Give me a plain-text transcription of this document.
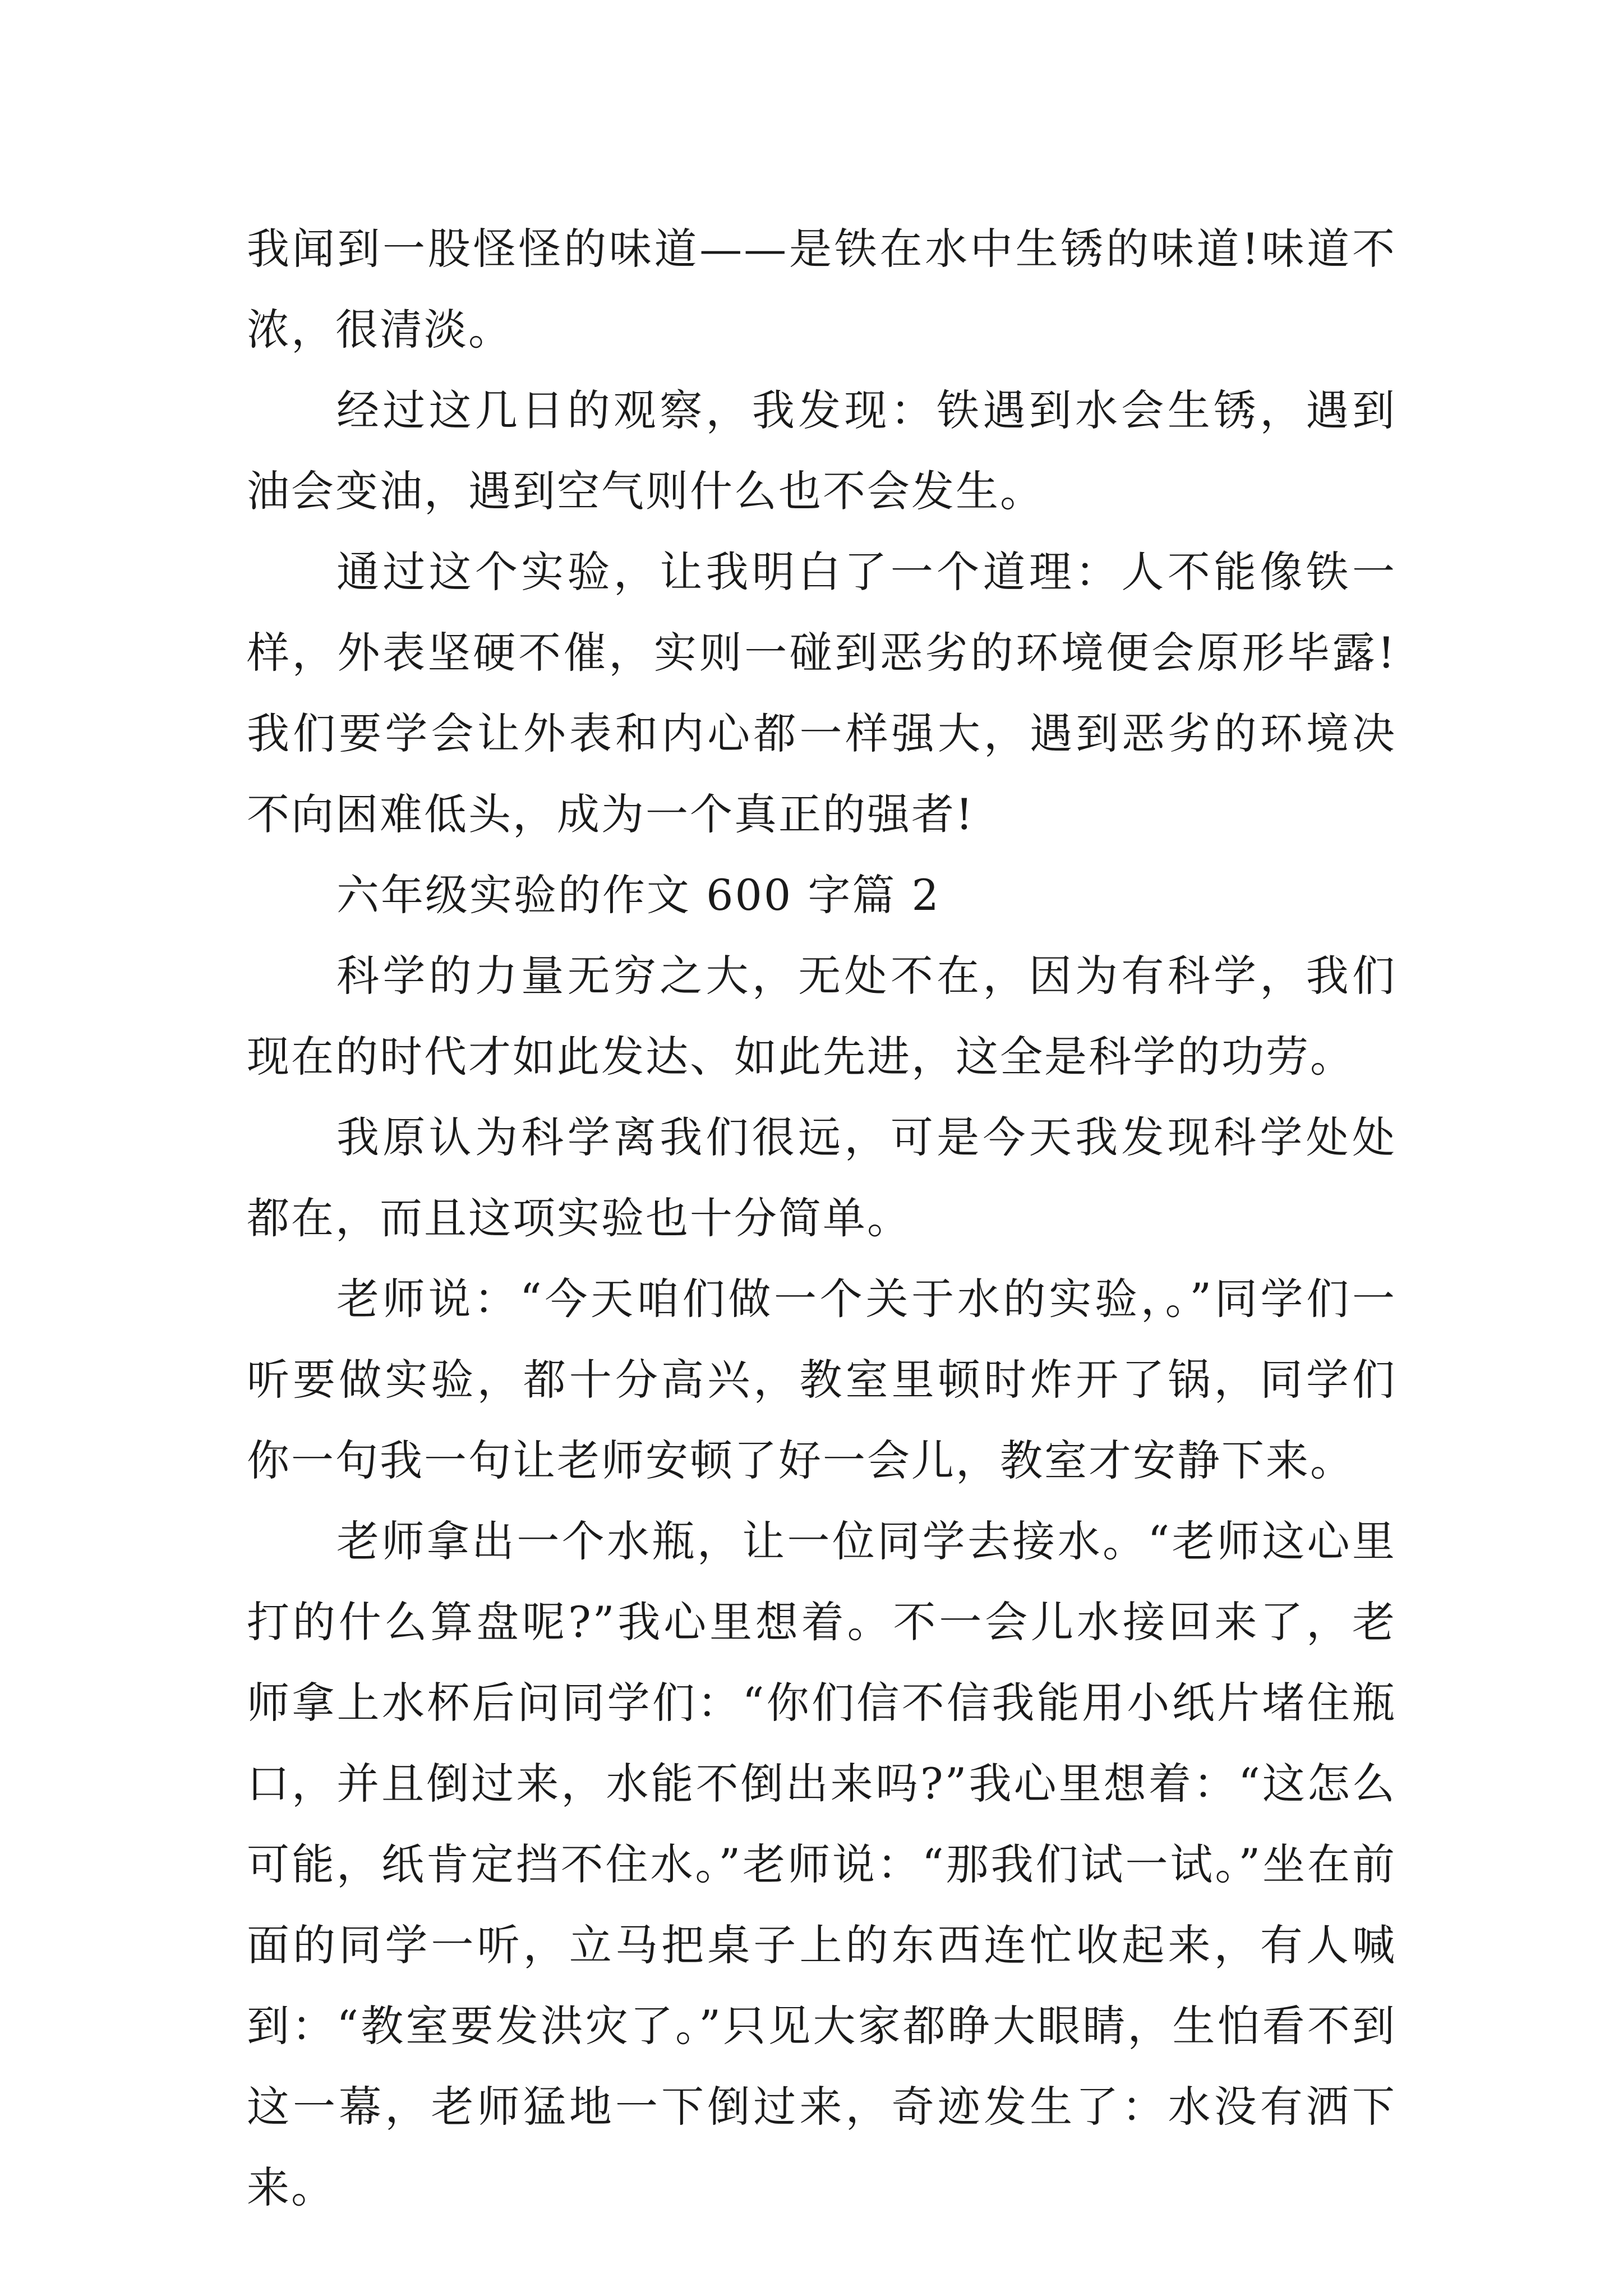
我闻到一股怪怪的味道——是铁在水中生锈的味道!味道不浓，很清淡。

经过这几日的观察，我发现：铁遇到水会生锈，遇到油会变油，遇到空气则什么也不会发生。

通过这个实验，让我明白了一个道理：人不能像铁一样，外表坚硬不催，实则一碰到恶劣的环境便会原形毕露!我们要学会让外表和内心都一样强大，遇到恶劣的环境决不向困难低头，成为一个真正的强者!

六年级实验的作文 600 字篇 2

科学的力量无穷之大，无处不在，因为有科学，我们现在的时代才如此发达、如此先进，这全是科学的功劳。

我原认为科学离我们很远，可是今天我发现科学处处都在，而且这项实验也十分简单。

老师说：“今天咱们做一个关于水的实验，。”同学们一听要做实验，都十分高兴，教室里顿时炸开了锅，同学们你一句我一句让老师安顿了好一会儿，教室才安静下来。

老师拿出一个水瓶，让一位同学去接水。“老师这心里打的什么算盘呢?”我心里想着。不一会儿水接回来了，老师拿上水杯后问同学们：“你们信不信我能用小纸片堵住瓶口，并且倒过来，水能不倒出来吗?”我心里想着：“这怎么可能，纸肯定挡不住水。”老师说：“那我们试一试。”坐在前面的同学一听，立马把桌子上的东西连忙收起来，有人喊到：“教室要发洪灾了。”只见大家都睁大眼睛，生怕看不到这一幕，老师猛地一下倒过来，奇迹发生了：水没有洒下来。
